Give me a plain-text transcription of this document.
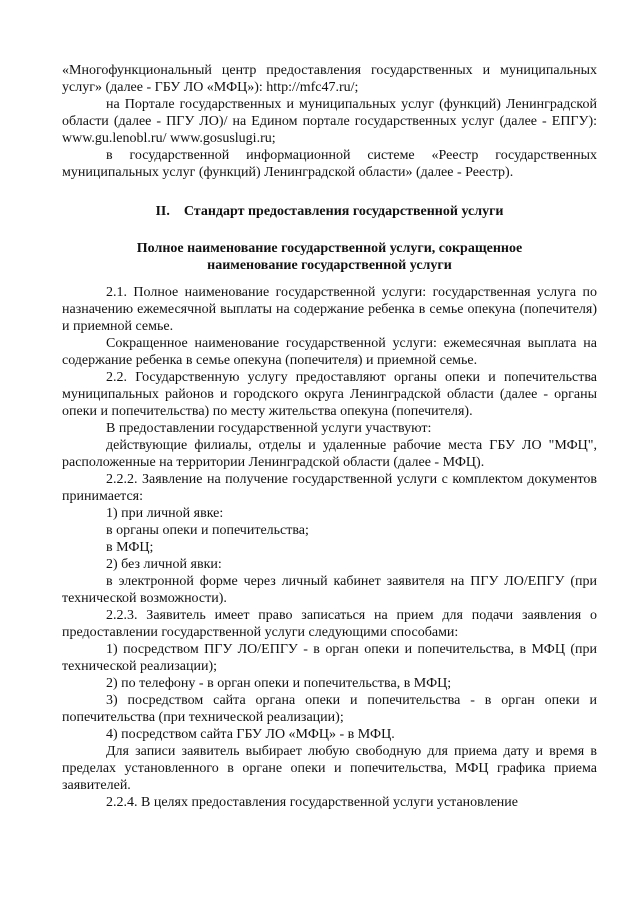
«Многофункциональный центр предоставления государственных и муниципальных услуг» (далее - ГБУ ЛО «МФЦ»): http://mfc47.ru/;

на Портале государственных и муниципальных услуг (функций) Ленинградской области (далее - ПГУ ЛО)/ на Едином портале государственных услуг (далее - ЕПГУ): www.gu.lenobl.ru/ www.gosuslugi.ru;

в государственной информационной системе «Реестр государственных муниципальных услуг (функций) Ленинградской области» (далее - Реестр).

II. Стандарт предоставления государственной услуги
Полное наименование государственной услуги, сокращенное
наименование государственной услуги

2.1. Полное наименование государственной услуги: государственная услуга по назначению ежемесячной выплаты на содержание ребенка в семье опекуна (попечителя) и приемной семье.

Сокращенное наименование государственной услуги: ежемесячная выплата на содержание ребенка в семье опекуна (попечителя) и приемной семье.

2.2. Государственную услугу предоставляют органы опеки и попечительства муниципальных районов и городского округа Ленинградской области (далее - органы опеки и попечительства) по месту жительства опекуна (попечителя).

В предоставлении государственной услуги участвуют:

действующие филиалы, отделы и удаленные рабочие места ГБУ ЛО "МФЦ", расположенные на территории Ленинградской области (далее - МФЦ).

2.2.2. Заявление на получение государственной услуги с комплектом документов принимается:

1) при личной явке:

в органы опеки и попечительства;

в МФЦ;

2) без личной явки:

в электронной форме через личный кабинет заявителя на ПГУ ЛО/ЕПГУ (при технической возможности).

2.2.3. Заявитель имеет право записаться на прием для подачи заявления о предоставлении государственной услуги следующими способами:

1) посредством ПГУ ЛО/ЕПГУ - в орган опеки и попечительства, в МФЦ (при технической реализации);

2) по телефону - в орган опеки и попечительства, в МФЦ;

3) посредством сайта органа опеки и попечительства - в орган опеки и попечительства (при технической реализации);

4) посредством сайта ГБУ ЛО «МФЦ» - в МФЦ.

Для записи заявитель выбирает любую свободную для приема дату и время в пределах установленного в органе опеки и попечительства, МФЦ графика приема заявителей.

2.2.4. В целях предоставления государственной услуги установление
